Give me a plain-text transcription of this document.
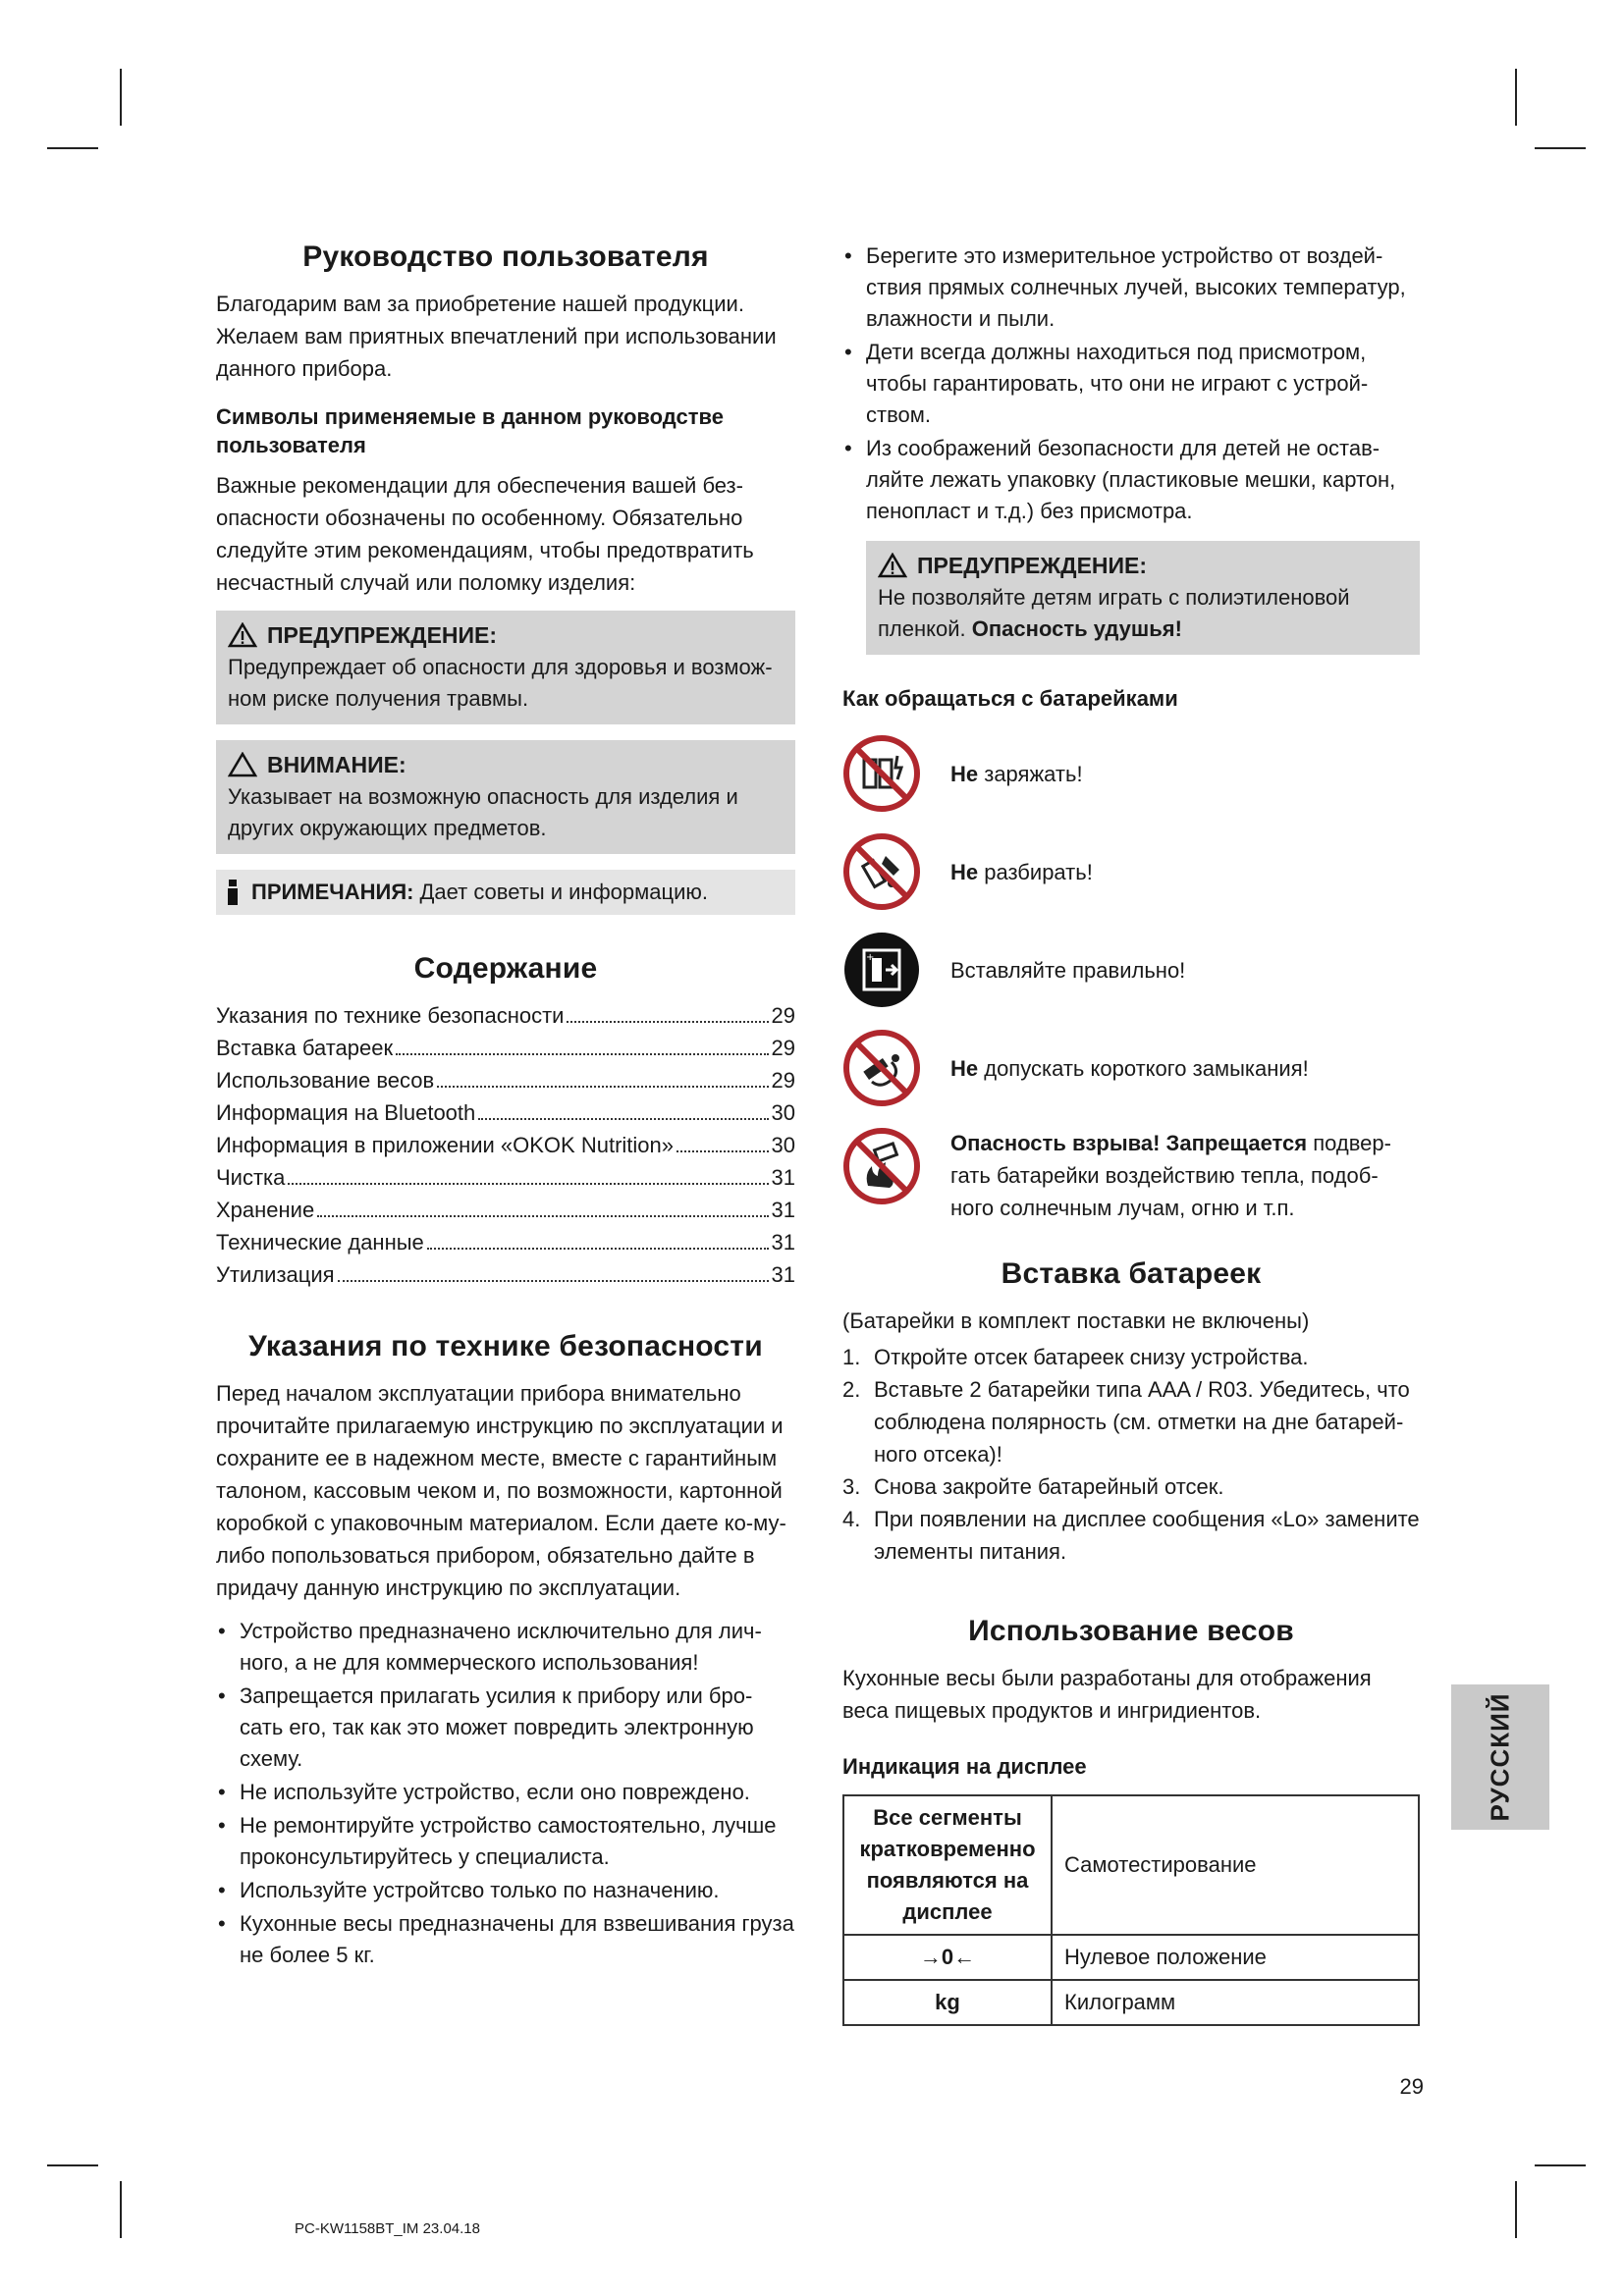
Руководство пользователя

Благодарим вам за приобретение нашей продукции. Желаем вам приятных впечатлений при использовании данного прибора.

Символы применяемые в данном руководстве пользователя

Важные рекомендации для обеспечения вашей без-опасности обозначены по особенному. Обязательно следуйте этим рекомендациям, чтобы предотвратить несчастный случай или поломку изделия:

ПРЕДУПРЕЖДЕНИЕ:
Предупреждает об опасности для здоровья и возмож-ном риске получения травмы.
ВНИМАНИЕ:
Указывает на возможную опасность для изделия и других окружающих предметов.
ПРИМЕЧАНИЯ: Дает советы и информацию.
Содержание
Указания по технике безопасности	29
Вставка батареек	29
Использование весов	29
Информация на Bluetooth	30
Информация в приложении «OKOK Nutrition»	30
Чистка	31
Хранение	31
Технические данные	31
Утилизация	31
Указания по технике безопасности

Перед началом эксплуатации прибора внимательно прочитайте прилагаемую инструкцию по эксплуатации и сохраните ее в надежном месте, вместе с гарантийным талоном, кассовым чеком и, по возможности, картонной коробкой с упаковочным материалом. Если даете ко-му-либо попользоваться прибором, обязательно дайте в придачу данную инструкцию по эксплуатации.

• Устройство предназначено исключительно для лич-ного, а не для коммерческого использования!
• Запрещается прилагать усилия к прибору или бро-сать его, так как это может повредить электронную схему.
• Не используйте устройство, если оно повреждено.
• Не ремонтируйте устройство самостоятельно, лучше проконсультируйтесь у специалиста.
• Используйте устройтсво только по назначению.
• Кухонные весы предназначены для взвешивания груза не более 5 кг.
• Берегите это измерительное устройство от воздей-ствия прямых солнечных лучей, высоких температур, влажности и пыли.
• Дети всегда должны находиться под присмотром, чтобы гарантировать, что они не играют с устрой-ством.
• Из соображений безопасности для детей не остав-ляйте лежать упаковку (пластиковые мешки, картон, пенопласт и т.д.) без присмотра.
ПРЕДУПРЕЖДЕНИЕ:
Не позволяйте детям играть с полиэтиленовой пленкой. Опасность удушья!
Как обращаться с батарейками
Не заряжать!
Не разбирать!
+	Вставляйте правильно!
Не допускать короткого замыкания!
Опасность взрыва! Запрещается подвер-гать батарейки воздействию тепла, подоб-ного солнечным лучам, огню и т.п.
Вставка батареек

(Батарейки в комплект поставки не включены)

1. Откройте отсек батареек снизу устройства.
2. Вставьте 2 батарейки типа AAA / R03. Убедитесь, что соблюдена полярность (см. отметки на дне батарей-ного отсека)!
3. Снова закройте батарейный отсек.
4. При появлении на дисплее сообщения «Lo» замените элементы питания.
Использование весов

Кухонные весы были разработаны для отображения веса пищевых продуктов и ингридиентов.

Индикация на дисплее
Все сегменты кратковременно появляются на дисплее	Самотестирование
→0←	Нулевое положение
kg	Килограмм
РУССКИЙ
29
PC-KW1158BT_IM 23.04.18
